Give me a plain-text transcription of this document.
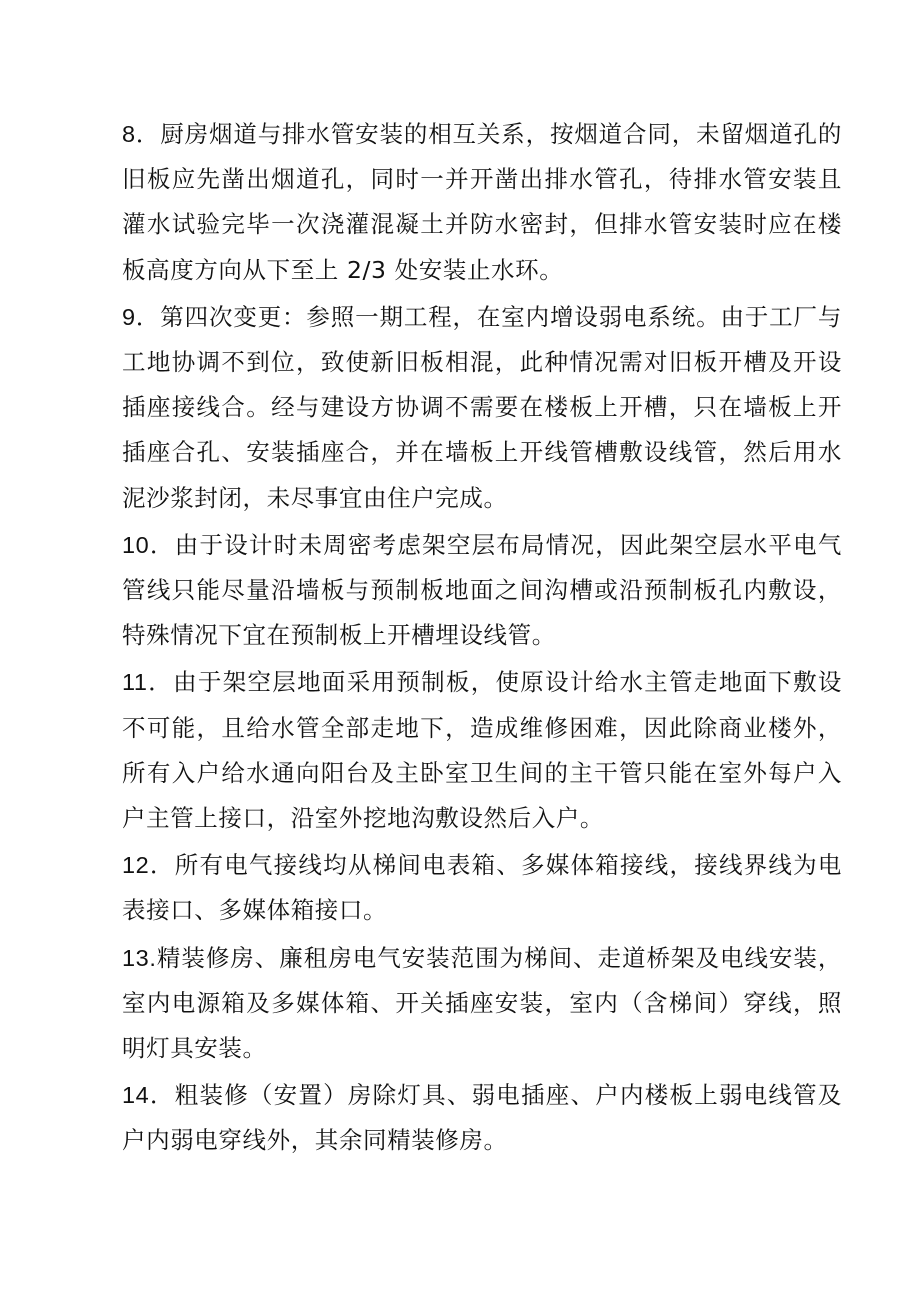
8．厨房烟道与排水管安装的相互关系，按烟道合同，未留烟道孔的旧板应先凿出烟道孔，同时一并开凿出排水管孔，待排水管安装且灌水试验完毕一次浇灌混凝土并防水密封，但排水管安装时应在楼板高度方向从下至上 2/3 处安装止水环。

9．第四次变更：参照一期工程，在室内增设弱电系统。由于工厂与工地协调不到位，致使新旧板相混，此种情况需对旧板开槽及开设插座接线合。经与建设方协调不需要在楼板上开槽，只在墙板上开插座合孔、安装插座合，并在墙板上开线管槽敷设线管，然后用水泥沙浆封闭，未尽事宜由住户完成。

10．由于设计时未周密考虑架空层布局情况，因此架空层水平电气管线只能尽量沿墙板与预制板地面之间沟槽或沿预制板孔内敷设，特殊情况下宜在预制板上开槽埋设线管。

11．由于架空层地面采用预制板，使原设计给水主管走地面下敷设不可能，且给水管全部走地下，造成维修困难，因此除商业楼外，所有入户给水通向阳台及主卧室卫生间的主干管只能在室外每户入户主管上接口，沿室外挖地沟敷设然后入户。

12．所有电气接线均从梯间电表箱、多媒体箱接线，接线界线为电表接口、多媒体箱接口。

13.精装修房、廉租房电气安装范围为梯间、走道桥架及电线安装，室内电源箱及多媒体箱、开关插座安装，室内（含梯间）穿线，照明灯具安装。

14．粗装修（安置）房除灯具、弱电插座、户内楼板上弱电线管及户内弱电穿线外，其余同精装修房。
